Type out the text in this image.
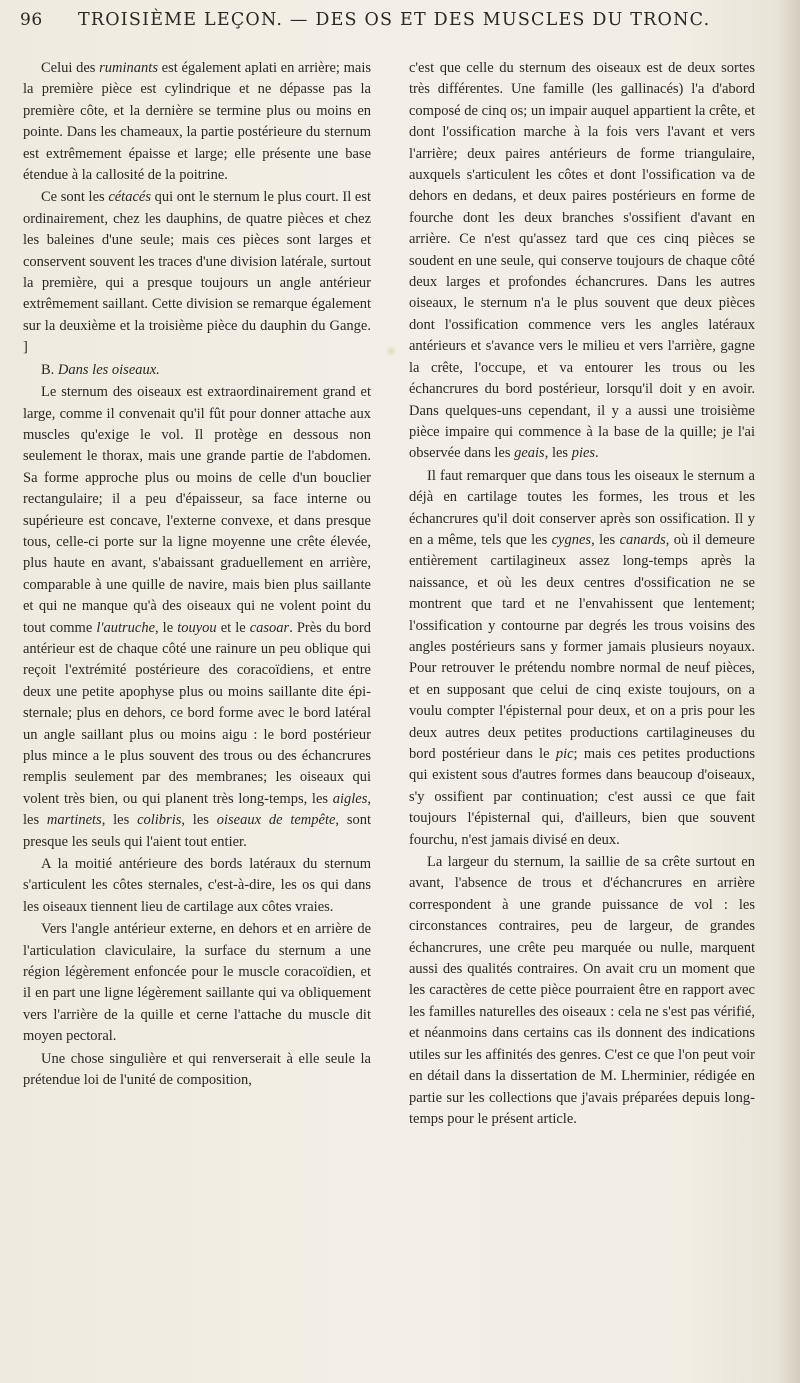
96 TROISIÈME LEÇON. — DES OS ET DES MUSCLES DU TRONC.

Celui des ruminants est également aplati en arrière; mais la première pièce est cylindrique et ne dépasse pas la première côte, et la dernière se termine plus ou moins en pointe. Dans les chameaux, la partie postérieure du sternum est extrêmement épaisse et large; elle présente une base étendue à la callosité de la poitrine.

Ce sont les cétacés qui ont le sternum le plus court. Il est ordinairement, chez les dauphins, de quatre pièces et chez les baleines d'une seule; mais ces pièces sont larges et conservent souvent les traces d'une division latérale, surtout la première, qui a presque toujours un angle antérieur extrêmement saillant. Cette division se remarque également sur la deuxième et la troisième pièce du dauphin du Gange. ]

B. Dans les oiseaux.

Le sternum des oiseaux est extraordinairement grand et large, comme il convenait qu'il fût pour donner attache aux muscles qu'exige le vol. Il protège en dessous non seulement le thorax, mais une grande partie de l'abdomen. Sa forme approche plus ou moins de celle d'un bouclier rectangulaire; il a peu d'épaisseur, sa face interne ou supérieure est concave, l'externe convexe, et dans presque tous, celle-ci porte sur la ligne moyenne une crête élevée, plus haute en avant, s'abaissant graduellement en arrière, comparable à une quille de navire, mais bien plus saillante et qui ne manque qu'à des oiseaux qui ne volent point du tout comme l'autruche, le touyou et le casoar. Près du bord antérieur est de chaque côté une rainure un peu oblique qui reçoit l'extrémité postérieure des coracoïdiens, et entre deux une petite apophyse plus ou moins saillante dite épi-sternale; plus en dehors, ce bord forme avec le bord latéral un angle saillant plus ou moins aigu : le bord postérieur plus mince a le plus souvent des trous ou des échancrures remplis seulement par des membranes; les oiseaux qui volent très bien, ou qui planent très long-temps, les aigles, les martinets, les colibris, les oiseaux de tempête, sont presque les seuls qui l'aient tout entier.

A la moitié antérieure des bords latéraux du sternum s'articulent les côtes sternales, c'est-à-dire, les os qui dans les oiseaux tiennent lieu de cartilage aux côtes vraies.

Vers l'angle antérieur externe, en dehors et en arrière de l'articulation claviculaire, la surface du sternum a une région légèrement enfoncée pour le muscle coracoïdien, et il en part une ligne légèrement saillante qui va obliquement vers l'arrière de la quille et cerne l'attache du muscle dit moyen pectoral.

Une chose singulière et qui renverserait à elle seule la prétendue loi de l'unité de composition,

c'est que celle du sternum des oiseaux est de deux sortes très différentes. Une famille (les gallinacés) l'a d'abord composé de cinq os; un impair auquel appartient la crête, et dont l'ossification marche à la fois vers l'avant et vers l'arrière; deux paires antérieurs de forme triangulaire, auxquels s'articulent les côtes et dont l'ossification va de dehors en dedans, et deux paires postérieurs en forme de fourche dont les deux branches s'ossifient d'avant en arrière. Ce n'est qu'assez tard que ces cinq pièces se soudent en une seule, qui conserve toujours de chaque côté deux larges et profondes échancrures. Dans les autres oiseaux, le sternum n'a le plus souvent que deux pièces dont l'ossification commence vers les angles latéraux antérieurs et s'avance vers le milieu et vers l'arrière, gagne la crête, l'occupe, et va entourer les trous ou les échancrures du bord postérieur, lorsqu'il doit y en avoir. Dans quelques-uns cependant, il y a aussi une troisième pièce impaire qui commence à la base de la quille; je l'ai observée dans les geais, les pies.

Il faut remarquer que dans tous les oiseaux le sternum a déjà en cartilage toutes les formes, les trous et les échancrures qu'il doit conserver après son ossification. Il y en a même, tels que les cygnes, les canards, où il demeure entièrement cartilagineux assez long-temps après la naissance, et où les deux centres d'ossification ne se montrent que tard et ne l'envahissent que lentement; l'ossification y contourne par degrés les trous voisins des angles postérieurs sans y former jamais plusieurs noyaux. Pour retrouver le prétendu nombre normal de neuf pièces, et en supposant que celui de cinq existe toujours, on a voulu compter l'épisternal pour deux, et on a pris pour les deux autres deux petites productions cartilagineuses du bord postérieur dans le pic; mais ces petites productions qui existent sous d'autres formes dans beaucoup d'oiseaux, s'y ossifient par continuation; c'est aussi ce que fait toujours l'épisternal qui, d'ailleurs, bien que souvent fourchu, n'est jamais divisé en deux.

La largeur du sternum, la saillie de sa crête surtout en avant, l'absence de trous et d'échancrures en arrière correspondent à une grande puissance de vol : les circonstances contraires, peu de largeur, de grandes échancrures, une crête peu marquée ou nulle, marquent aussi des qualités contraires. On avait cru un moment que les caractères de cette pièce pourraient être en rapport avec les familles naturelles des oiseaux : cela ne s'est pas vérifié, et néanmoins dans certains cas ils donnent des indications utiles sur les affinités des genres. C'est ce que l'on peut voir en détail dans la dissertation de M. Lherminier, rédigée en partie sur les collections que j'avais préparées depuis long-temps pour le présent article.
